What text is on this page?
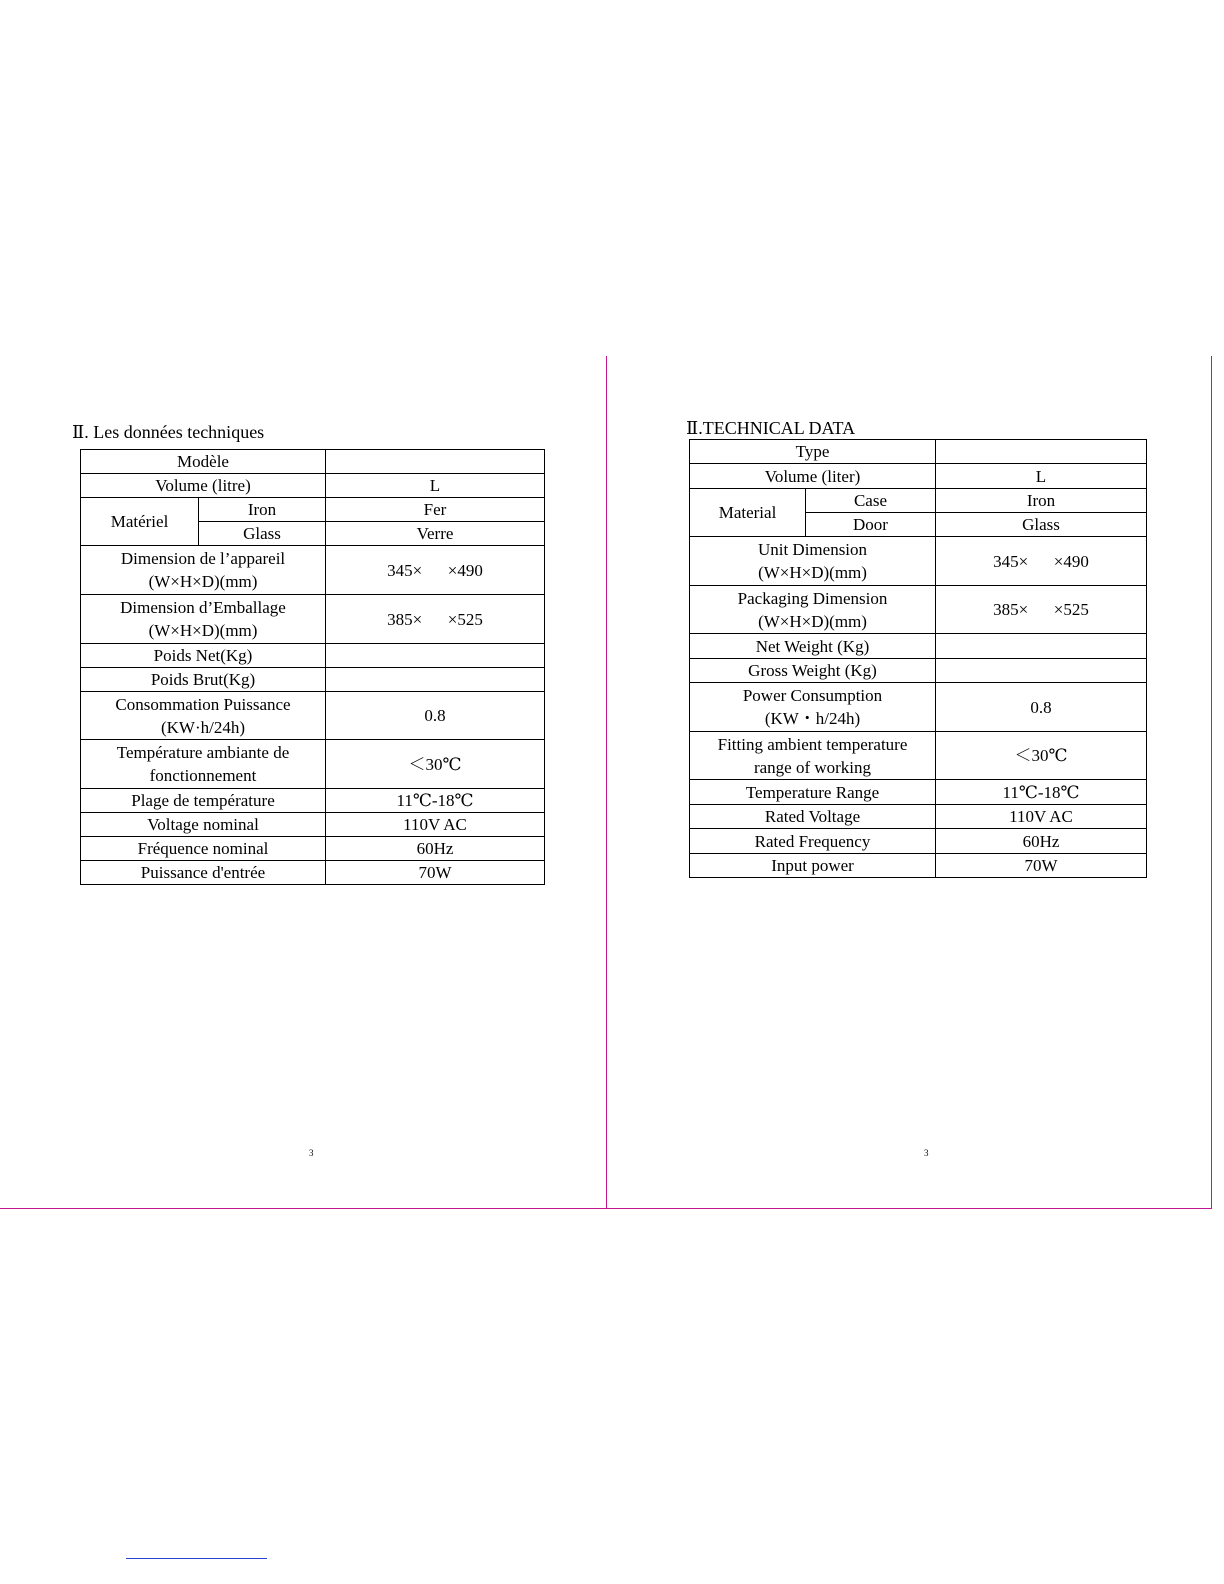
Ⅱ. Les données techniques
Modèle		
Volume (litre)		L
Matériel	Iron	Fer
	Glass	Verre
Dimension de l’appareil
(W×H×D)(mm)		345×      ×490
Dimension d’Emballage
(W×H×D)(mm)		385×      ×525
Poids Net(Kg)		
Poids Brut(Kg)		
Consommation Puissance
(KW·h/24h)		0.8
Température ambiante de
fonctionnement		＜30℃
Plage de température		11℃-18℃
Voltage nominal		110V AC
Fréquence nominal		60Hz
Puissance d'entrée		70W
3
Ⅱ.TECHNICAL DATA
Type		
Volume (liter)		L
Material	Case	Iron
	Door	Glass
Unit Dimension
(W×H×D)(mm)		345×      ×490
Packaging Dimension
(W×H×D)(mm)		385×      ×525
Net Weight (Kg)		
Gross Weight (Kg)		
Power Consumption
(KW・h/24h)		0.8
Fitting ambient temperature
range of working		＜30℃
Temperature Range		11℃-18℃
Rated Voltage		110V AC
Rated Frequency		60Hz
Input power		70W
3
